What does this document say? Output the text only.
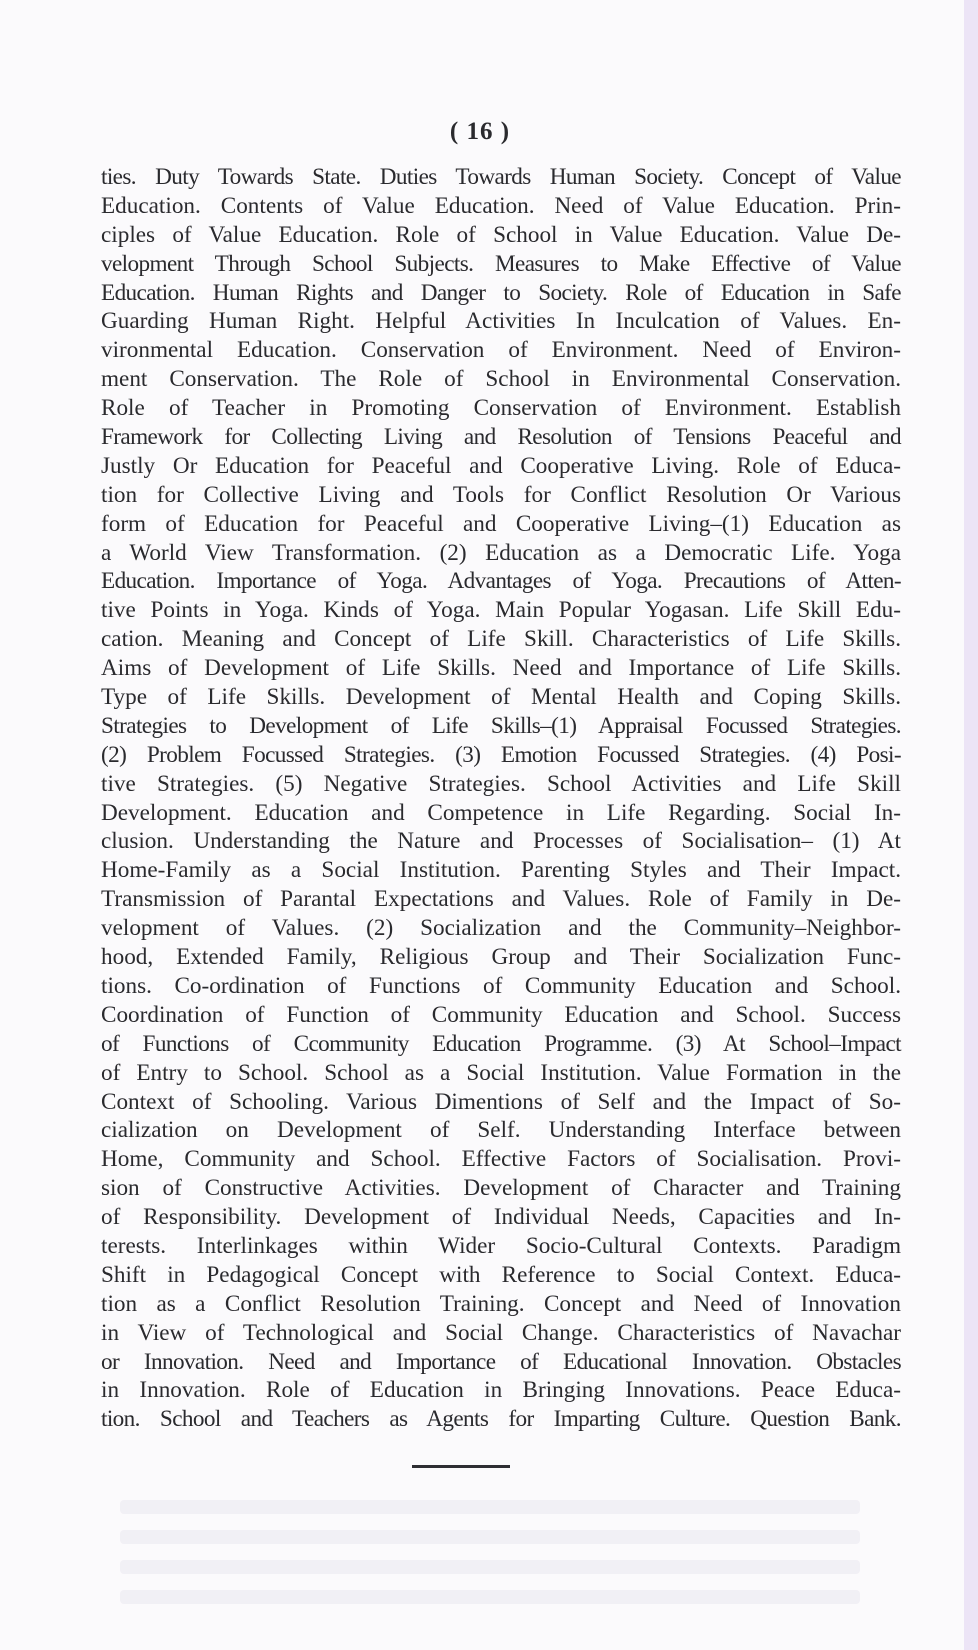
( 16 )
ties. Duty Towards State. Duties Towards Human Society. Concept of Value
Education. Contents of Value Education. Need of Value Education. Prin-
ciples of Value Education. Role of School in Value Education. Value De-
velopment Through School Subjects. Measures to Make Effective of Value
Education. Human Rights and Danger to Society. Role of Education in Safe
Guarding Human Right. Helpful Activities In Inculcation of Values. En-
vironmental Education. Conservation of Environment. Need of Environ-
ment Conservation. The Role of School in Environmental Conservation.
Role of Teacher in Promoting Conservation of Environment. Establish
Framework for Collecting Living and Resolution of Tensions Peaceful and
Justly Or Education for Peaceful and Cooperative Living. Role of Educa-
tion for Collective Living and Tools for Conflict Resolution Or Various
form of Education for Peaceful and Cooperative Living–(1) Education as
a World View Transformation. (2) Education as a Democratic Life. Yoga
Education. Importance of Yoga. Advantages of Yoga. Precautions of Atten-
tive Points in Yoga. Kinds of Yoga. Main Popular Yogasan. Life Skill Edu-
cation. Meaning and Concept of Life Skill. Characteristics of Life Skills.
Aims of Development of Life Skills. Need and Importance of Life Skills.
Type of Life Skills. Development of Mental Health and Coping Skills.
Strategies to Development of Life Skills–(1) Appraisal Focussed Strategies.
(2) Problem Focussed Strategies. (3) Emotion Focussed Strategies. (4) Posi-
tive Strategies. (5) Negative Strategies. School Activities and Life Skill
Development. Education and Competence in Life Regarding. Social In-
clusion. Understanding the Nature and Processes of Socialisation– (1) At
Home-Family as a Social Institution. Parenting Styles and Their Impact.
Transmission of Parantal Expectations and Values. Role of Family in De-
velopment of Values. (2) Socialization and the Community–Neighbor-
hood, Extended Family, Religious Group and Their Socialization Func-
tions. Co-ordination of Functions of Community Education and School.
Coordination of Function of Community Education and School. Success
of Functions of Ccommunity Education Programme. (3) At School–Impact
of Entry to School. School as a Social Institution. Value Formation in the
Context of Schooling. Various Dimentions of Self and the Impact of So-
cialization on Development of Self. Understanding Interface between
Home, Community and School. Effective Factors of Socialisation. Provi-
sion of Constructive Activities. Development of Character and Training
of Responsibility. Development of Individual Needs, Capacities and In-
terests. Interlinkages within Wider Socio-Cultural Contexts. Paradigm
Shift in Pedagogical Concept with Reference to Social Context. Educa-
tion as a Conflict Resolution Training. Concept and Need of Innovation
in View of Technological and Social Change. Characteristics of Navachar
or Innovation. Need and Importance of Educational Innovation. Obstacles
in Innovation. Role of Education in Bringing Innovations. Peace Educa-
tion. School and Teachers as Agents for Imparting Culture. Question Bank.
